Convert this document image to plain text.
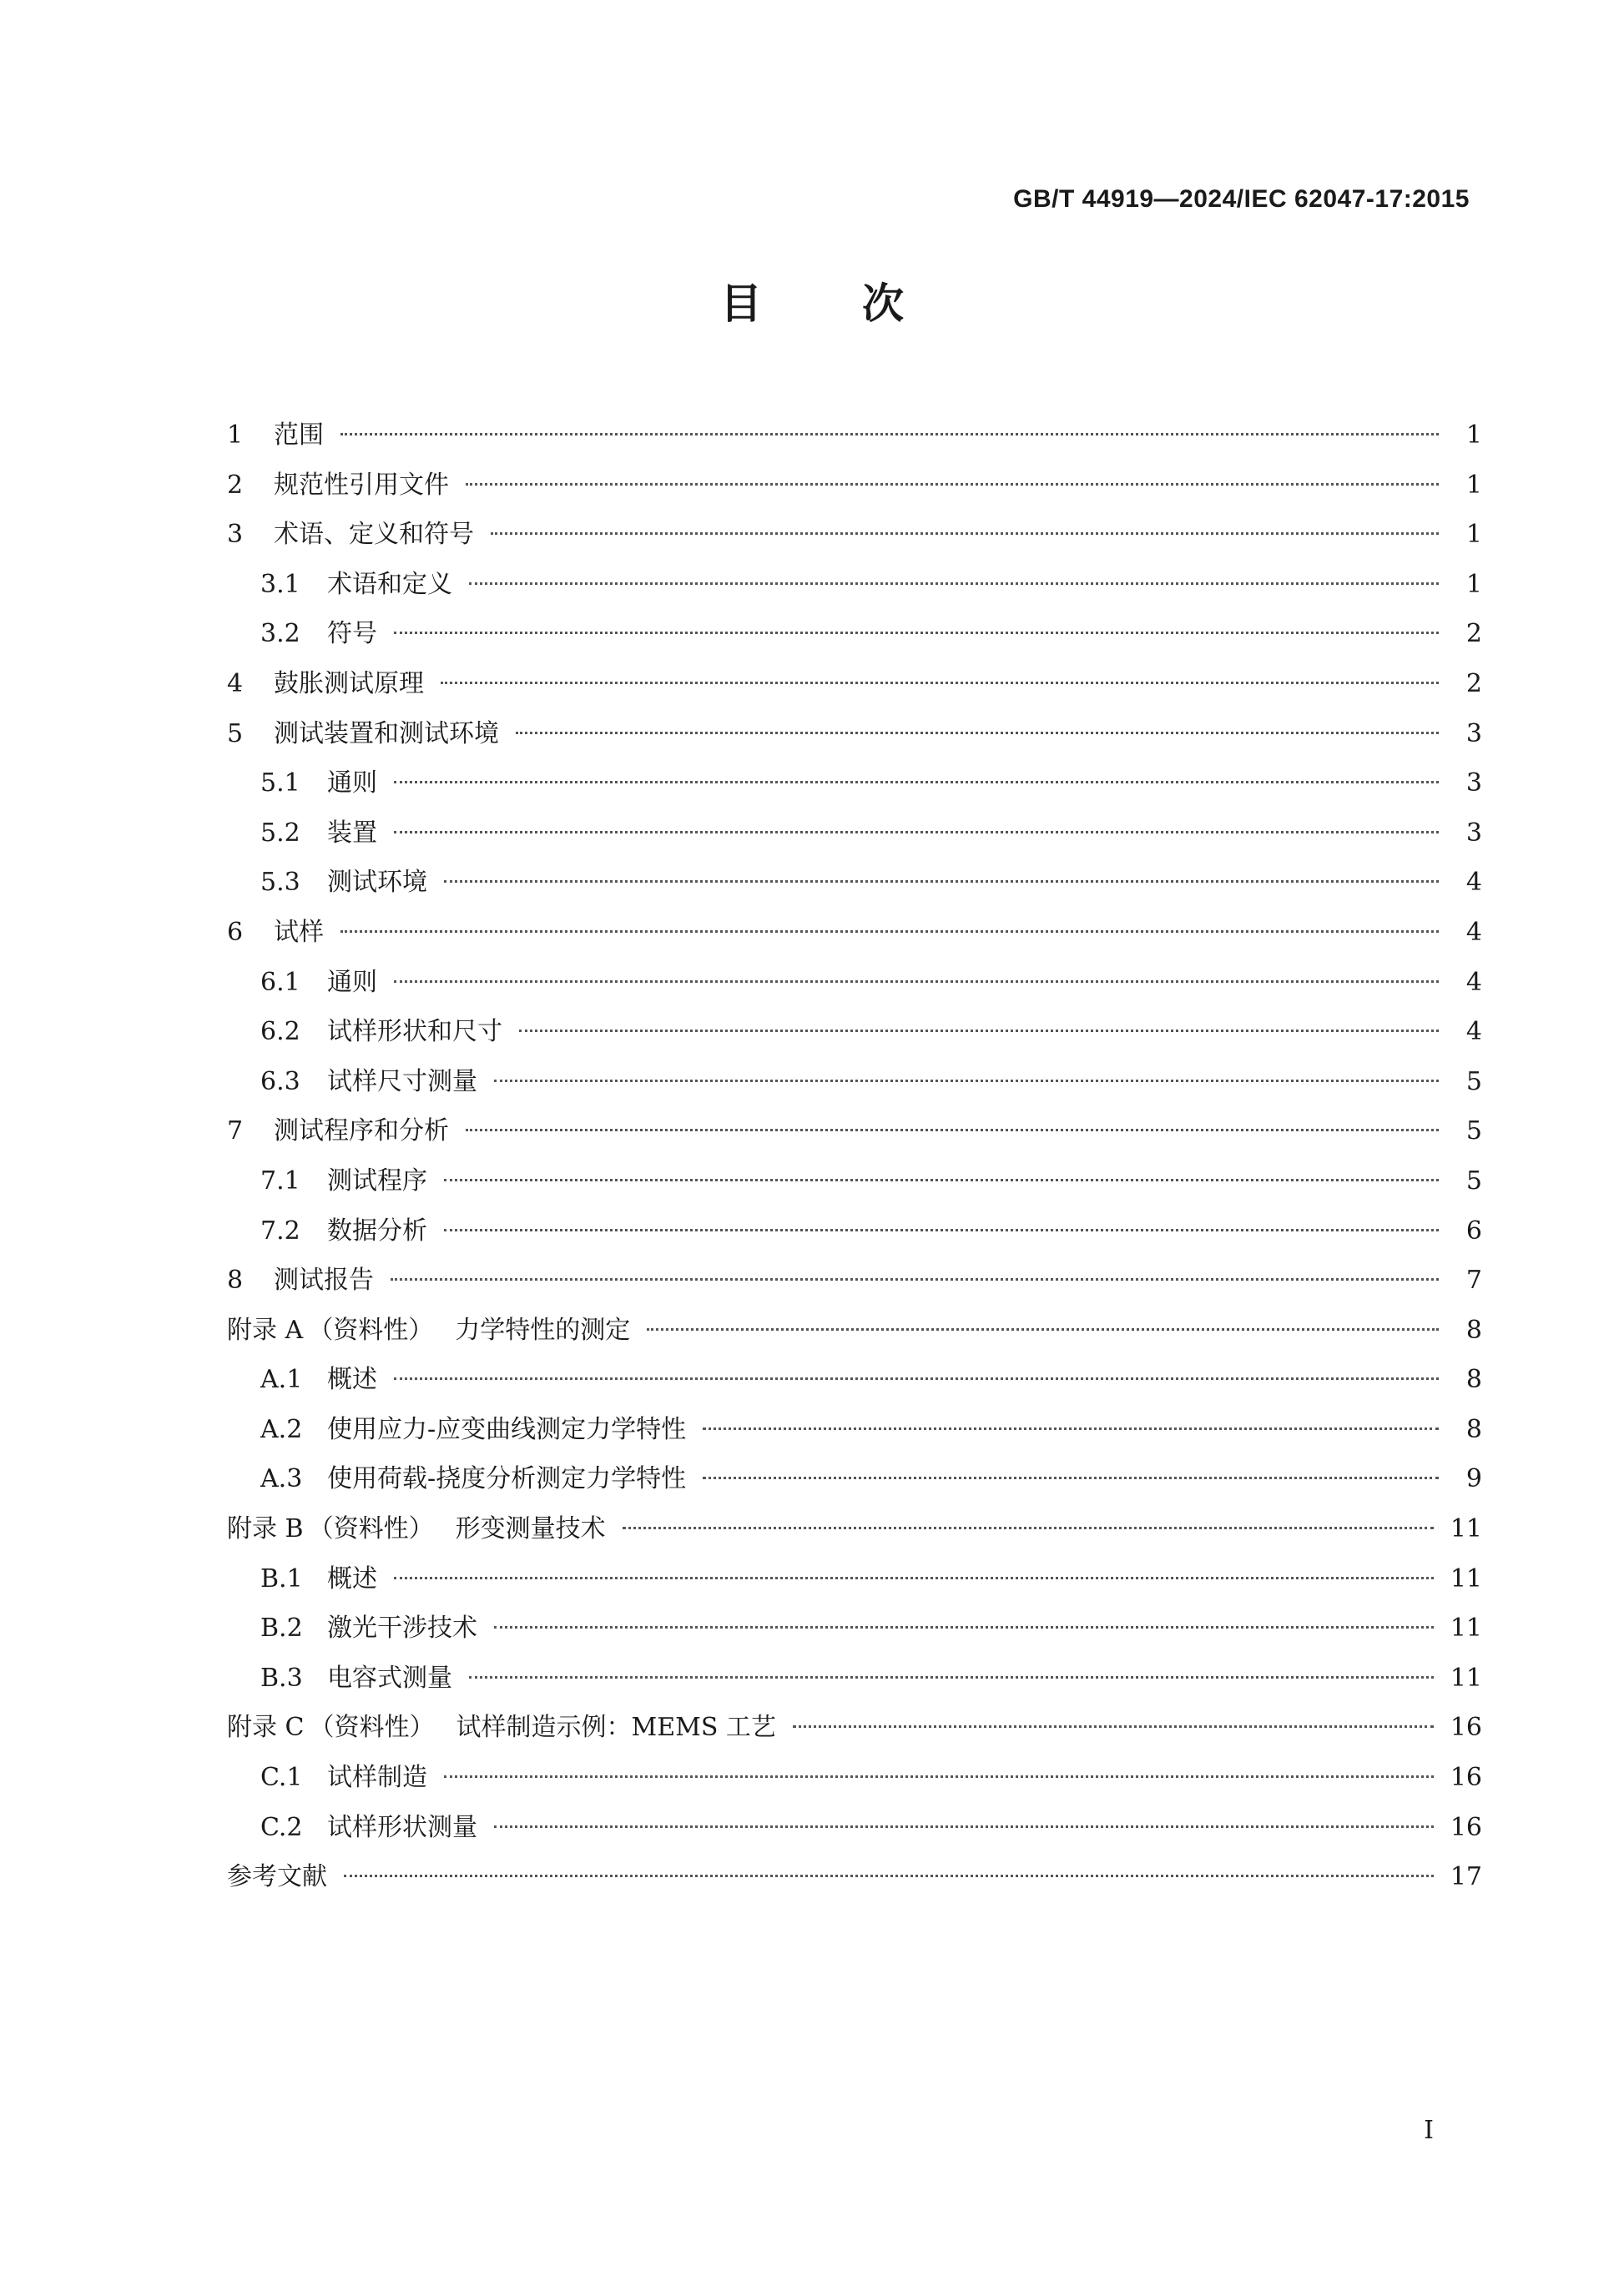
GB/T 44919—2024/IEC 62047-17:2015
目次
1	范围	1
2	规范性引用文件	1
3	术语、定义和符号	1
3.1	术语和定义	1
3.2	符号	2
4	鼓胀测试原理	2
5	测试装置和测试环境	3
5.1	通则	3
5.2	装置	3
5.3	测试环境	4
6	试样	4
6.1	通则	4
6.2	试样形状和尺寸	4
6.3	试样尺寸测量	5
7	测试程序和分析	5
7.1	测试程序	5
7.2	数据分析	6
8	测试报告	7
附录 A （资料性） 力学特性的测定	8
A.1 概述	8
A.2 使用应力-应变曲线测定力学特性	8
A.3 使用荷载-挠度分析测定力学特性	9
附录 B （资料性） 形变测量技术	11
B.1 概述	11
B.2 激光干涉技术	11
B.3 电容式测量	11
附录 C （资料性） 试样制造示例：MEMS 工艺	16
C.1 试样制造	16
C.2 试样形状测量	16
参考文献	17
I
